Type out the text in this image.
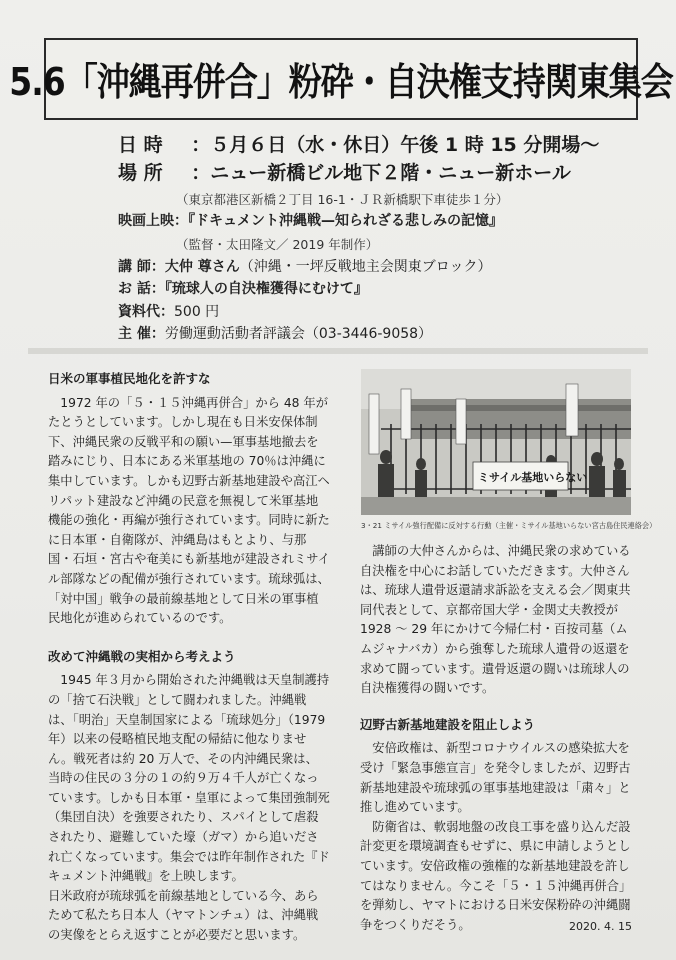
5.6「沖縄再併合」粉砕・自決権支持関東集会
日 時 ：５月６日（水・休日）午後 1 時 15 分開場〜
場 所 ：ニュー新橋ビル地下２階・ニュー新ホール
（東京都港区新橋２丁目 16-1・ＪＲ新橋駅下車徒歩１分）
映画上映：『ドキュメント沖縄戦—知られざる悲しみの記憶』
（監督・太田隆文／ 2019 年制作）
講 師：大仲 尊さん（沖縄・一坪反戦地主会関東ブロック）
お 話：『琉球人の自決権獲得にむけて』
資料代：500 円
主 催：労働運動活動者評議会（03-3446-9058）
日米の軍事植民地化を許すな

1972 年の「５・１５沖縄再併合」から 48 年がたとうとしています。しかし現在も日米安保体制下、沖縄民衆の反戦平和の願い—軍事基地撤去を踏みにじり、日本にある米軍基地の 70％は沖縄に集中しています。しかも辺野古新基地建設や高江ヘリパット建設など沖縄の民意を無視して米軍基地機能の強化・再編が強行されています。同時に新たに日本軍・自衛隊が、沖縄島はもとより、与那国・石垣・宮古や奄美にも新基地が建設されミサイル部隊などの配備が強行されています。琉球弧は、「対中国」戦争の最前線基地として日米の軍事植民地化が進められているのです。

改めて沖縄戦の実相から考えよう

1945 年３月から開始された沖縄戦は天皇制護持の「捨て石決戦」として闘われました。沖縄戦は、「明治」天皇制国家による「琉球処分」（1979 年）以来の侵略植民地支配の帰結に他なりません。戦死者は約 20 万人で、その内沖縄民衆は、当時の住民の３分の１の約９万４千人が亡くなっています。しかも日本軍・皇軍によって集団強制死（集団自決）を強要されたり、スパイとして虐殺されたり、避難していた壕（ガマ）から追いだされ亡くなっています。集会では昨年制作された『ドキュメント沖縄戦』を上映します。

日米政府が琉球弧を前線基地としている今、あらためて私たち日本人（ヤマトンチュ）は、沖縄戦の実像をとらえ返すことが必要だと思います。

ミサイル基地いらない
3・21 ミサイル強行配備に反対する行動（主催・ミサイル基地いらない宮古島住民連絡会）

講師の大仲さんからは、沖縄民衆の求めている自決権を中心にお話していただきます。大仲さんは、琉球人遺骨返還請求訴訟を支える会／関東共同代表として、京都帝国大学・金関丈夫教授が 1928 〜 29 年にかけて今帰仁村・百按司墓（ムムジャナバカ）から強奪した琉球人遺骨の返還を求めて闘っています。遺骨返還の闘いは琉球人の自決権獲得の闘いです。

辺野古新基地建設を阻止しよう

安倍政権は、新型コロナウイルスの感染拡大を受け「緊急事態宣言」を発令しましたが、辺野古新基地建設や琉球弧の軍事基地建設は「粛々」と推し進めています。

防衛省は、軟弱地盤の改良工事を盛り込んだ設計変更を環境調査もせずに、県に申請しようとしています。安倍政権の強権的な新基地建設を許してはなりません。今こそ「５・１５沖縄再併合」を弾劾し、ヤマトにおける日米安保粉砕の沖縄闘争をつくりだそう。	2020. 4. 15
